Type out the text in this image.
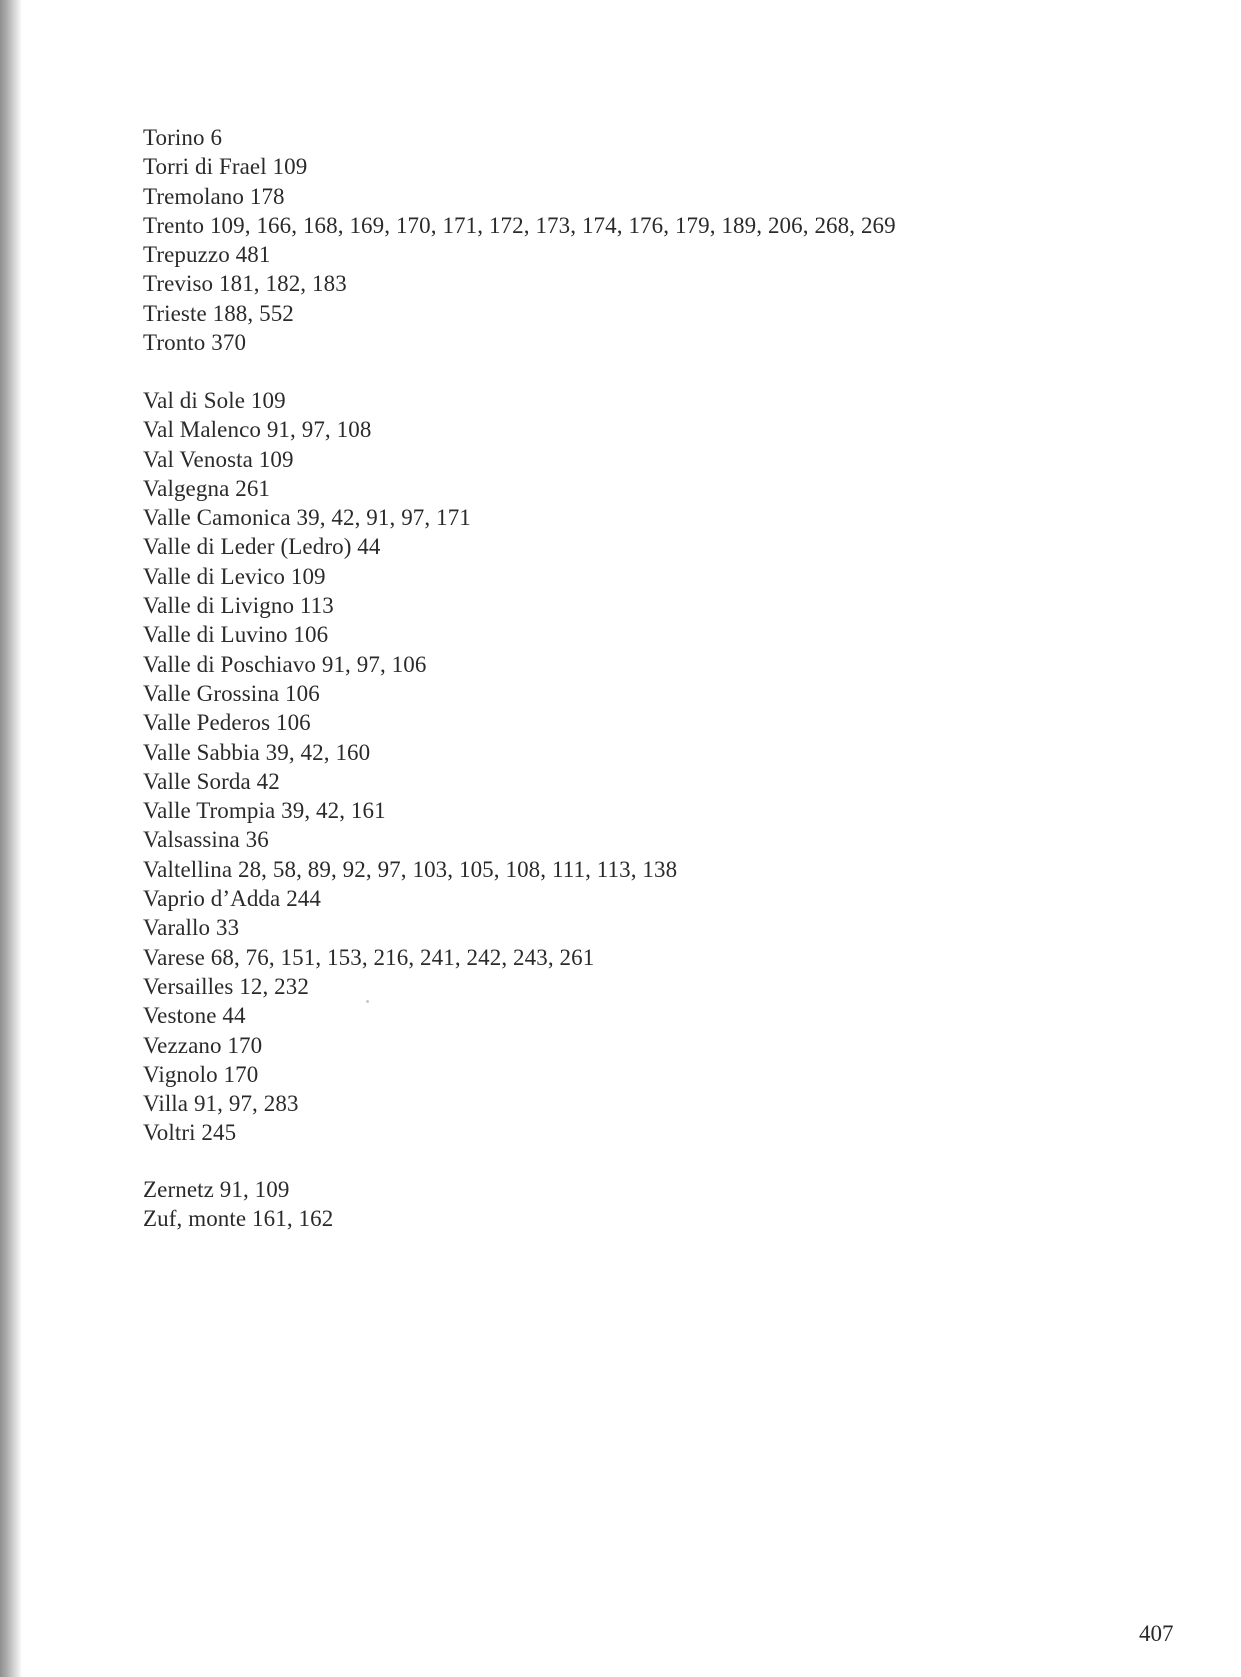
Torino 6
Torri di Frael 109
Tremolano 178
Trento 109, 166, 168, 169, 170, 171, 172, 173, 174, 176, 179, 189, 206, 268, 269
Trepuzzo 481
Treviso 181, 182, 183
Trieste 188, 552
Tronto 370
Val di Sole 109
Val Malenco 91, 97, 108
Val Venosta 109
Valgegna 261
Valle Camonica 39, 42, 91, 97, 171
Valle di Leder (Ledro) 44
Valle di Levico 109
Valle di Livigno 113
Valle di Luvino 106
Valle di Poschiavo 91, 97, 106
Valle Grossina 106
Valle Pederos 106
Valle Sabbia 39, 42, 160
Valle Sorda 42
Valle Trompia 39, 42, 161
Valsassina 36
Valtellina 28, 58, 89, 92, 97, 103, 105, 108, 111, 113, 138
Vaprio d’Adda 244
Varallo 33
Varese 68, 76, 151, 153, 216, 241, 242, 243, 261
Versailles 12, 232
Vestone 44
Vezzano 170
Vignolo 170
Villa 91, 97, 283
Voltri 245
Zernetz 91, 109
Zuf, monte 161, 162
407
